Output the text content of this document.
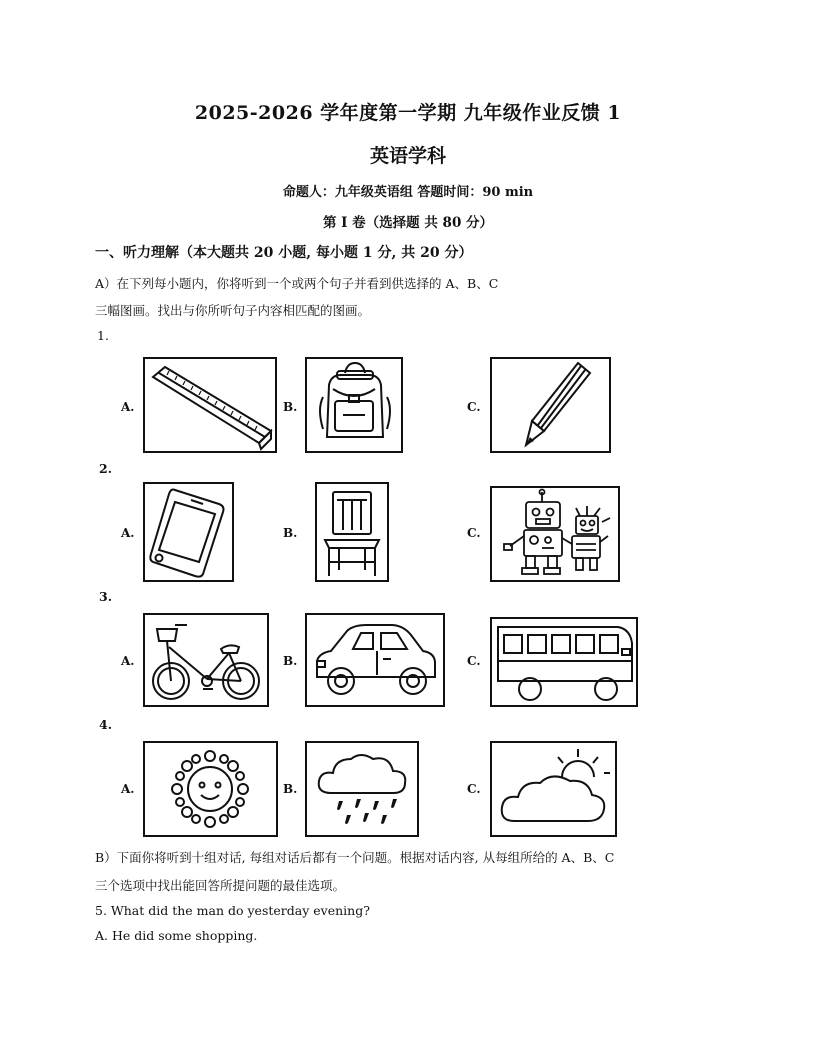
2025-2026 学年度第一学期 九年级作业反馈 1
英语学科
命题人：九年级英语组 答题时间：90 min
第 I 卷（选择题 共 80 分）
一、听力理解（本大题共 20 小题, 每小题 1 分, 共 20 分）
A）在下列每小题内，你将听到一个或两个句子并看到供选择的 A、B、C
三幅图画。找出与你所听句子内容相匹配的图画。
1.
A.	B.	C.
2.
A.	B.	C.
3.
A.	B.	C.
4.
A.	B.	C.
B）下面你将听到十组对话, 每组对话后都有一个问题。根据对话内容, 从每组所给的 A、B、C
三个选项中找出能回答所提问题的最佳选项。
5. What did the man do yesterday evening?
A. He did some shopping.
